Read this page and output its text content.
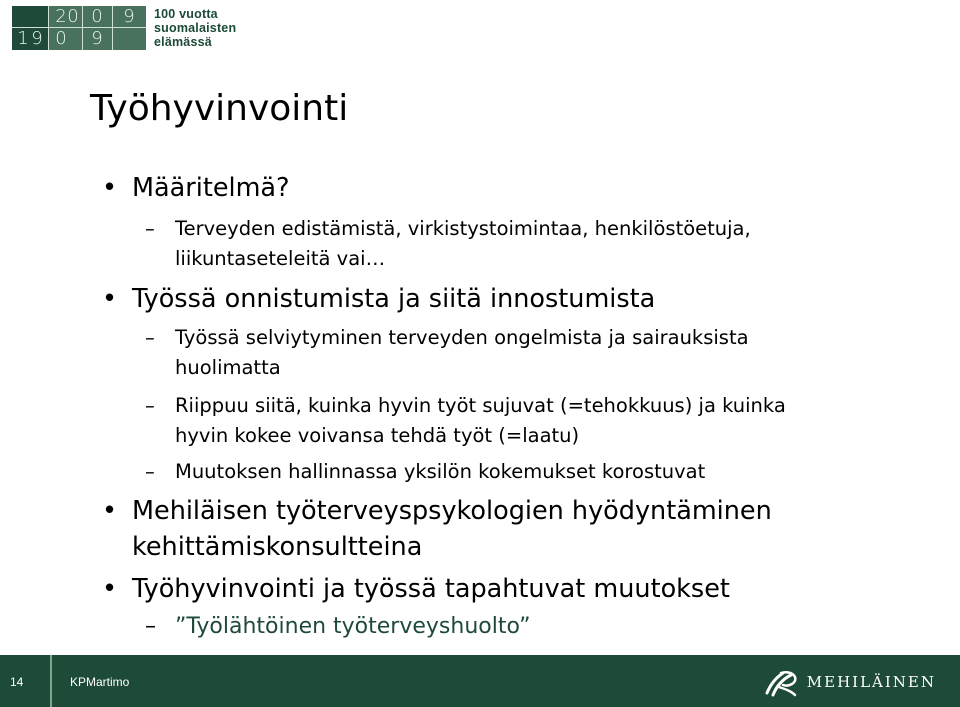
2 0 0 9
1 9 0 9
100 vuotta
suomalaisten
elämässä
Työhyvinvointi
• Määritelmä?
– Terveyden edistämistä, virkistystoimintaa, henkilöstöetuja,
liikuntaseteleitä vai…
• Työssä onnistumista ja siitä innostumista
– Työssä selviytyminen terveyden ongelmista ja sairauksista
huolimatta
– Riippuu siitä, kuinka hyvin työt sujuvat (=tehokkuus) ja kuinka
hyvin kokee voivansa tehdä työt (=laatu)
– Muutoksen hallinnassa yksilön kokemukset korostuvat
• Mehiläisen työterveyspsykologien hyödyntäminen
kehittämiskonsultteina
• Työhyvinvointi ja työssä tapahtuvat muutokset
– ”Työlähtöinen työterveyshuolto”
14	KPMartimo	MEHILÄINEN
